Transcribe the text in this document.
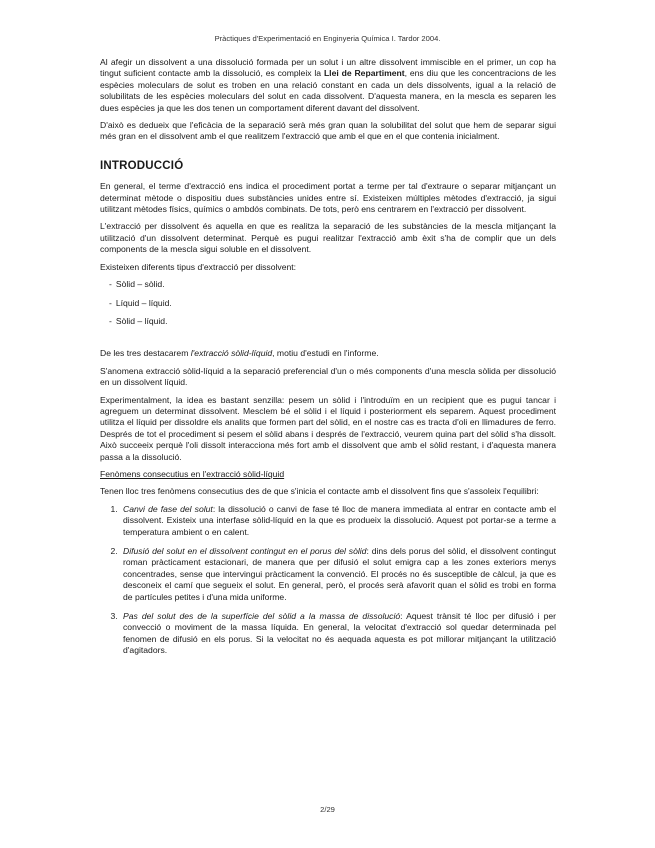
Pràctiques d'Experimentació en Enginyeria Química I. Tardor 2004.

Al afegir un dissolvent a una dissolució formada per un solut i un altre dissolvent immiscible en el primer, un cop ha tingut suficient contacte amb la dissolució, es compleix la Llei de Repartiment, ens diu que les concentracions de les espècies moleculars de solut es troben en una relació constant en cada un dels dissolvents, igual a la relació de solubilitats de les espècies moleculars del solut en cada dissolvent. D'aquesta manera, en la mescla es separen les dues espècies ja que les dos tenen un comportament diferent davant del dissolvent.

D'això es dedueix que l'eficàcia de la separació serà més gran quan la solubilitat del solut que hem de separar sigui més gran en el dissolvent amb el que realitzem l'extracció que amb el que en el que contenia inicialment.

INTRODUCCIÓ

En general, el terme d'extracció ens indica el procediment portat a terme per tal d'extraure o separar mitjançant un determinat mètode o dispositiu dues substàncies unides entre sí. Existeixen múltiples mètodes d'extracció, ja sigui utilitzant mètodes físics, químics o ambdós combinats. De tots, però ens centrarem en l'extracció per dissolvent.

L'extracció per dissolvent és aquella en que es realitza la separació de les substàncies de la mescla mitjançant la utilització d'un dissolvent determinat. Perquè es pugui realitzar l'extracció amb èxit s'ha de complir que un dels components de la mescla sigui soluble en el dissolvent.

Existeixen diferents tipus d'extracció per dissolvent:

- Sòlid – sòlid.
- Líquid – líquid.
- Sòlid – líquid.

De les tres destacarem l'extracció sòlid-líquid, motiu d'estudi en l'informe.

S'anomena extracció sòlid-líquid a la separació preferencial d'un o més components d'una mescla sòlida per dissolució en un dissolvent líquid.

Experimentalment, la idea es bastant senzilla: pesem un sòlid i l'introduïm en un recipient que es pugui tancar i agreguem un determinat dissolvent. Mesclem bé el sòlid i el líquid i posteriorment els separem. Aquest procediment utilitza el líquid per dissoldre els analits que formen part del sòlid, en el nostre cas es tracta d'oli en llimadures de ferro. Després de tot el procediment si pesem el sòlid abans i després de l'extracció, veurem quina part del sòlid s'ha dissolt. Això succeeix perquè l'oli dissolt interacciona més fort amb el dissolvent que amb el sòlid restant, i d'aquesta manera passa a la dissolució.

Fenòmens consecutius en l'extracció sòlid-líquid

Tenen lloc tres fenòmens consecutius des de que s'inicia el contacte amb el dissolvent fins que s'assoleix l'equilibri:

1. Canvi de fase del solut: la dissolució o canvi de fase té lloc de manera immediata al entrar en contacte amb el dissolvent. Existeix una interfase sòlid-líquid en la que es produeix la dissolució. Aquest pot portar-se a terme a temperatura ambient o en calent.
2. Difusió del solut en el dissolvent contingut en el porus del sòlid: dins dels porus del sòlid, el dissolvent contingut roman pràcticament estacionari, de manera que per difusió el solut emigra cap a les zones exteriors menys concentrades, sense que intervingui pràcticament la convenció. El procés no és susceptible de càlcul, ja que es desconeix el camí que segueix el solut. En general, però, el procés serà afavorit quan el sòlid es trobi en forma de partícules petites i d'una mida uniforme.
3. Pas del solut des de la superfície del sòlid a la massa de dissolució: Aquest trànsit té lloc per difusió i per convecció o moviment de la massa líquida. En general, la velocitat d'extracció sol quedar determinada pel fenomen de difusió en els porus. Si la velocitat no és aequada aquesta es pot millorar mitjançant la utilització d'agitadors.
2/29
